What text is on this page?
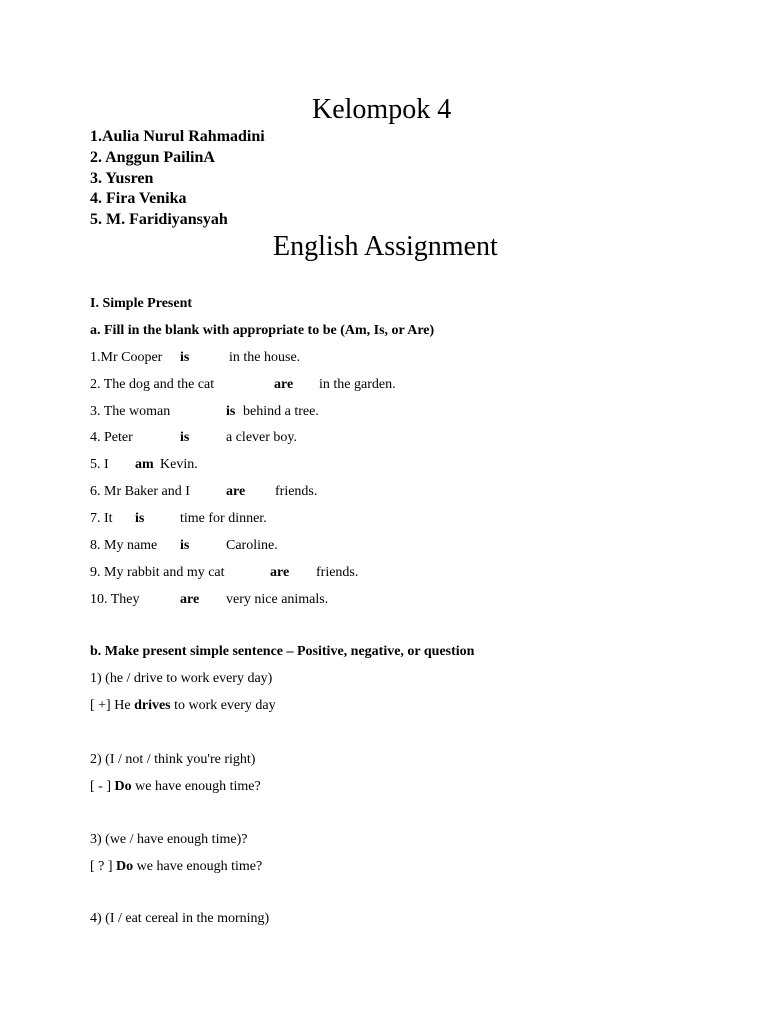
Kelompok 4
1.Aulia Nurul Rahmadini
2. Anggun PailinA
3. Yusren
4. Fira Venika
5. M. Faridiyansyah
English Assignment
I. Simple Present
a. Fill in the blank with appropriate to be (Am, Is, or Are)
1.Mr Cooper is	in the house.
2. The dog and the cat	are in the garden.
3. The woman	is behind a tree.
4. Peter	is	a clever boy.
5. I am Kevin.
6. Mr Baker and I	are friends.
7. It is	time for dinner.
8. My name is	Caroline.
9. My rabbit and my cat	are friends.
10. They	are very nice animals.
b. Make present simple sentence – Positive, negative, or question
1) (he / drive to work every day)
[ +] He drives to work every day
2) (I / not / think you're right)
[ - ] Do we have enough time?
3) (we / have enough time)?
[ ? ] Do we have enough time?
4) (I / eat cereal in the morning)
